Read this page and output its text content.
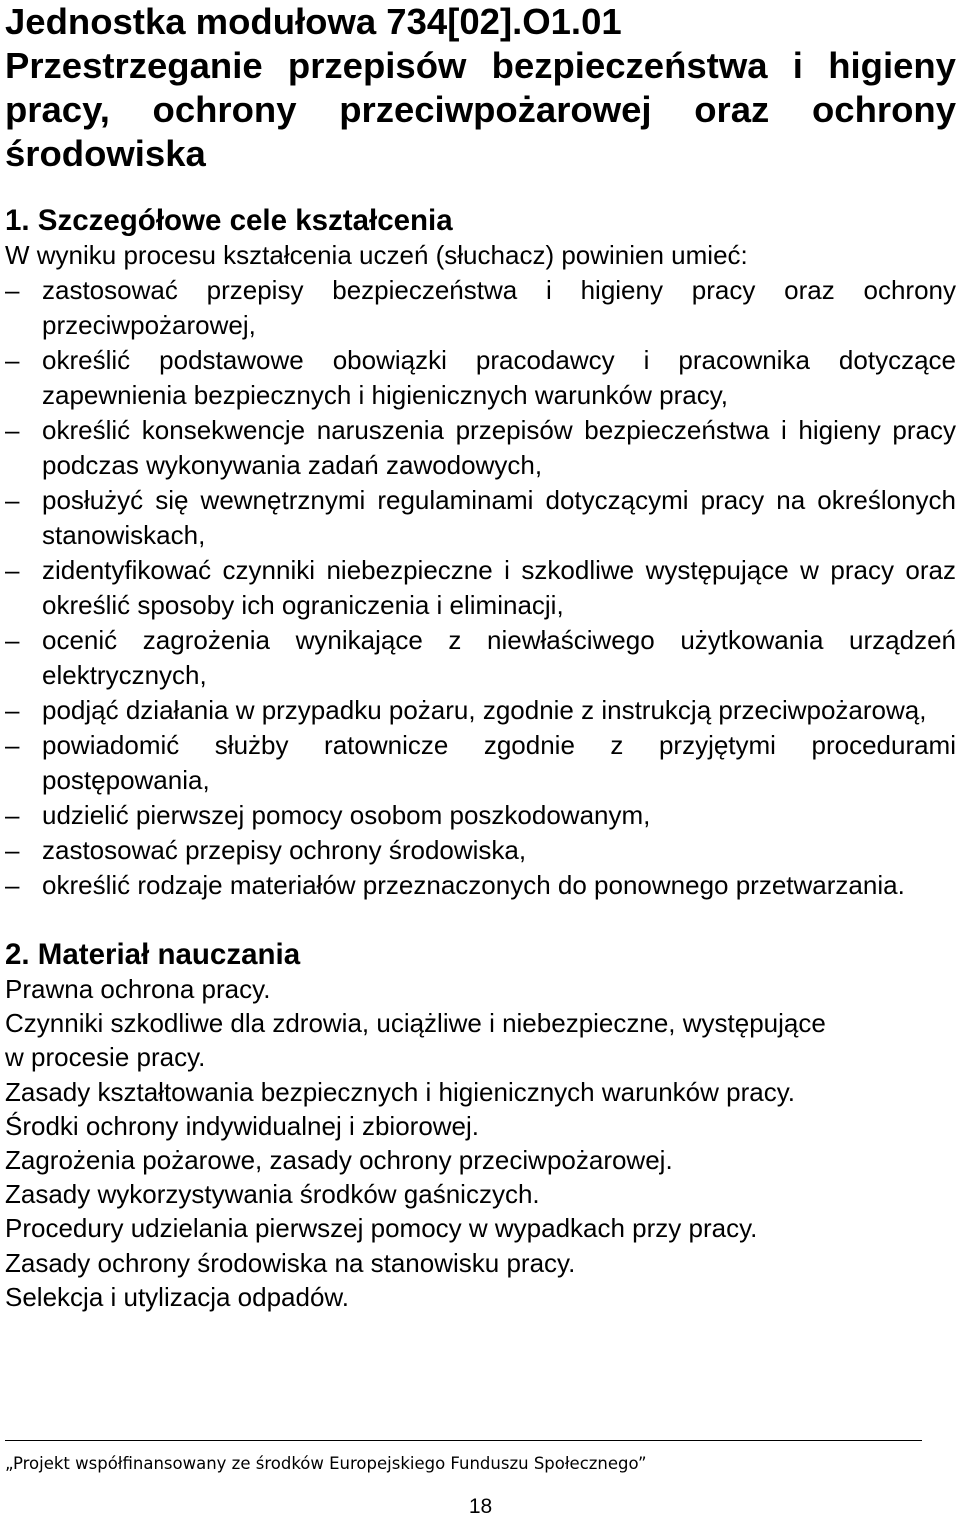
Jednostka modułowa 734[02].O1.01
Przestrzeganie przepisów bezpieczeństwa i higieny
pracy, ochrony przeciwpożarowej oraz ochrony
środowiska
1. Szczegółowe cele kształcenia

W wyniku procesu kształcenia uczeń (słuchacz) powinien umieć:

– zastosować przepisy bezpieczeństwa i higieny pracy oraz ochrony przeciwpożarowej,
– określić podstawowe obowiązki pracodawcy i pracownika dotyczące zapewnienia bezpiecznych i higienicznych warunków pracy,
– określić konsekwencje naruszenia przepisów bezpieczeństwa i higieny pracy podczas wykonywania zadań zawodowych,
– posłużyć się wewnętrznymi regulaminami dotyczącymi pracy na określonych stanowiskach,
– zidentyfikować czynniki niebezpieczne i szkodliwe występujące w pracy oraz określić sposoby ich ograniczenia i eliminacji,
– ocenić zagrożenia wynikające z niewłaściwego użytkowania urządzeń elektrycznych,
– podjąć działania w przypadku pożaru, zgodnie z instrukcją przeciwpożarową,
– powiadomić służby ratownicze zgodnie z przyjętymi procedurami postępowania,
– udzielić pierwszej pomocy osobom poszkodowanym,
– zastosować przepisy ochrony środowiska,
– określić rodzaje materiałów przeznaczonych do ponownego przetwarzania.
2. Materiał nauczania
Prawna ochrona pracy.
Czynniki szkodliwe dla zdrowia, uciążliwe i niebezpieczne, występujące
w procesie pracy.
Zasady kształtowania bezpiecznych i higienicznych warunków pracy.
Środki ochrony indywidualnej i zbiorowej.
Zagrożenia pożarowe, zasady ochrony przeciwpożarowej.
Zasady wykorzystywania środków gaśniczych.
Procedury udzielania pierwszej pomocy w wypadkach przy pracy.
Zasady ochrony środowiska na stanowisku pracy.
Selekcja i utylizacja odpadów.
„Projekt współfinansowany ze środków Europejskiego Funduszu Społecznego”
18
